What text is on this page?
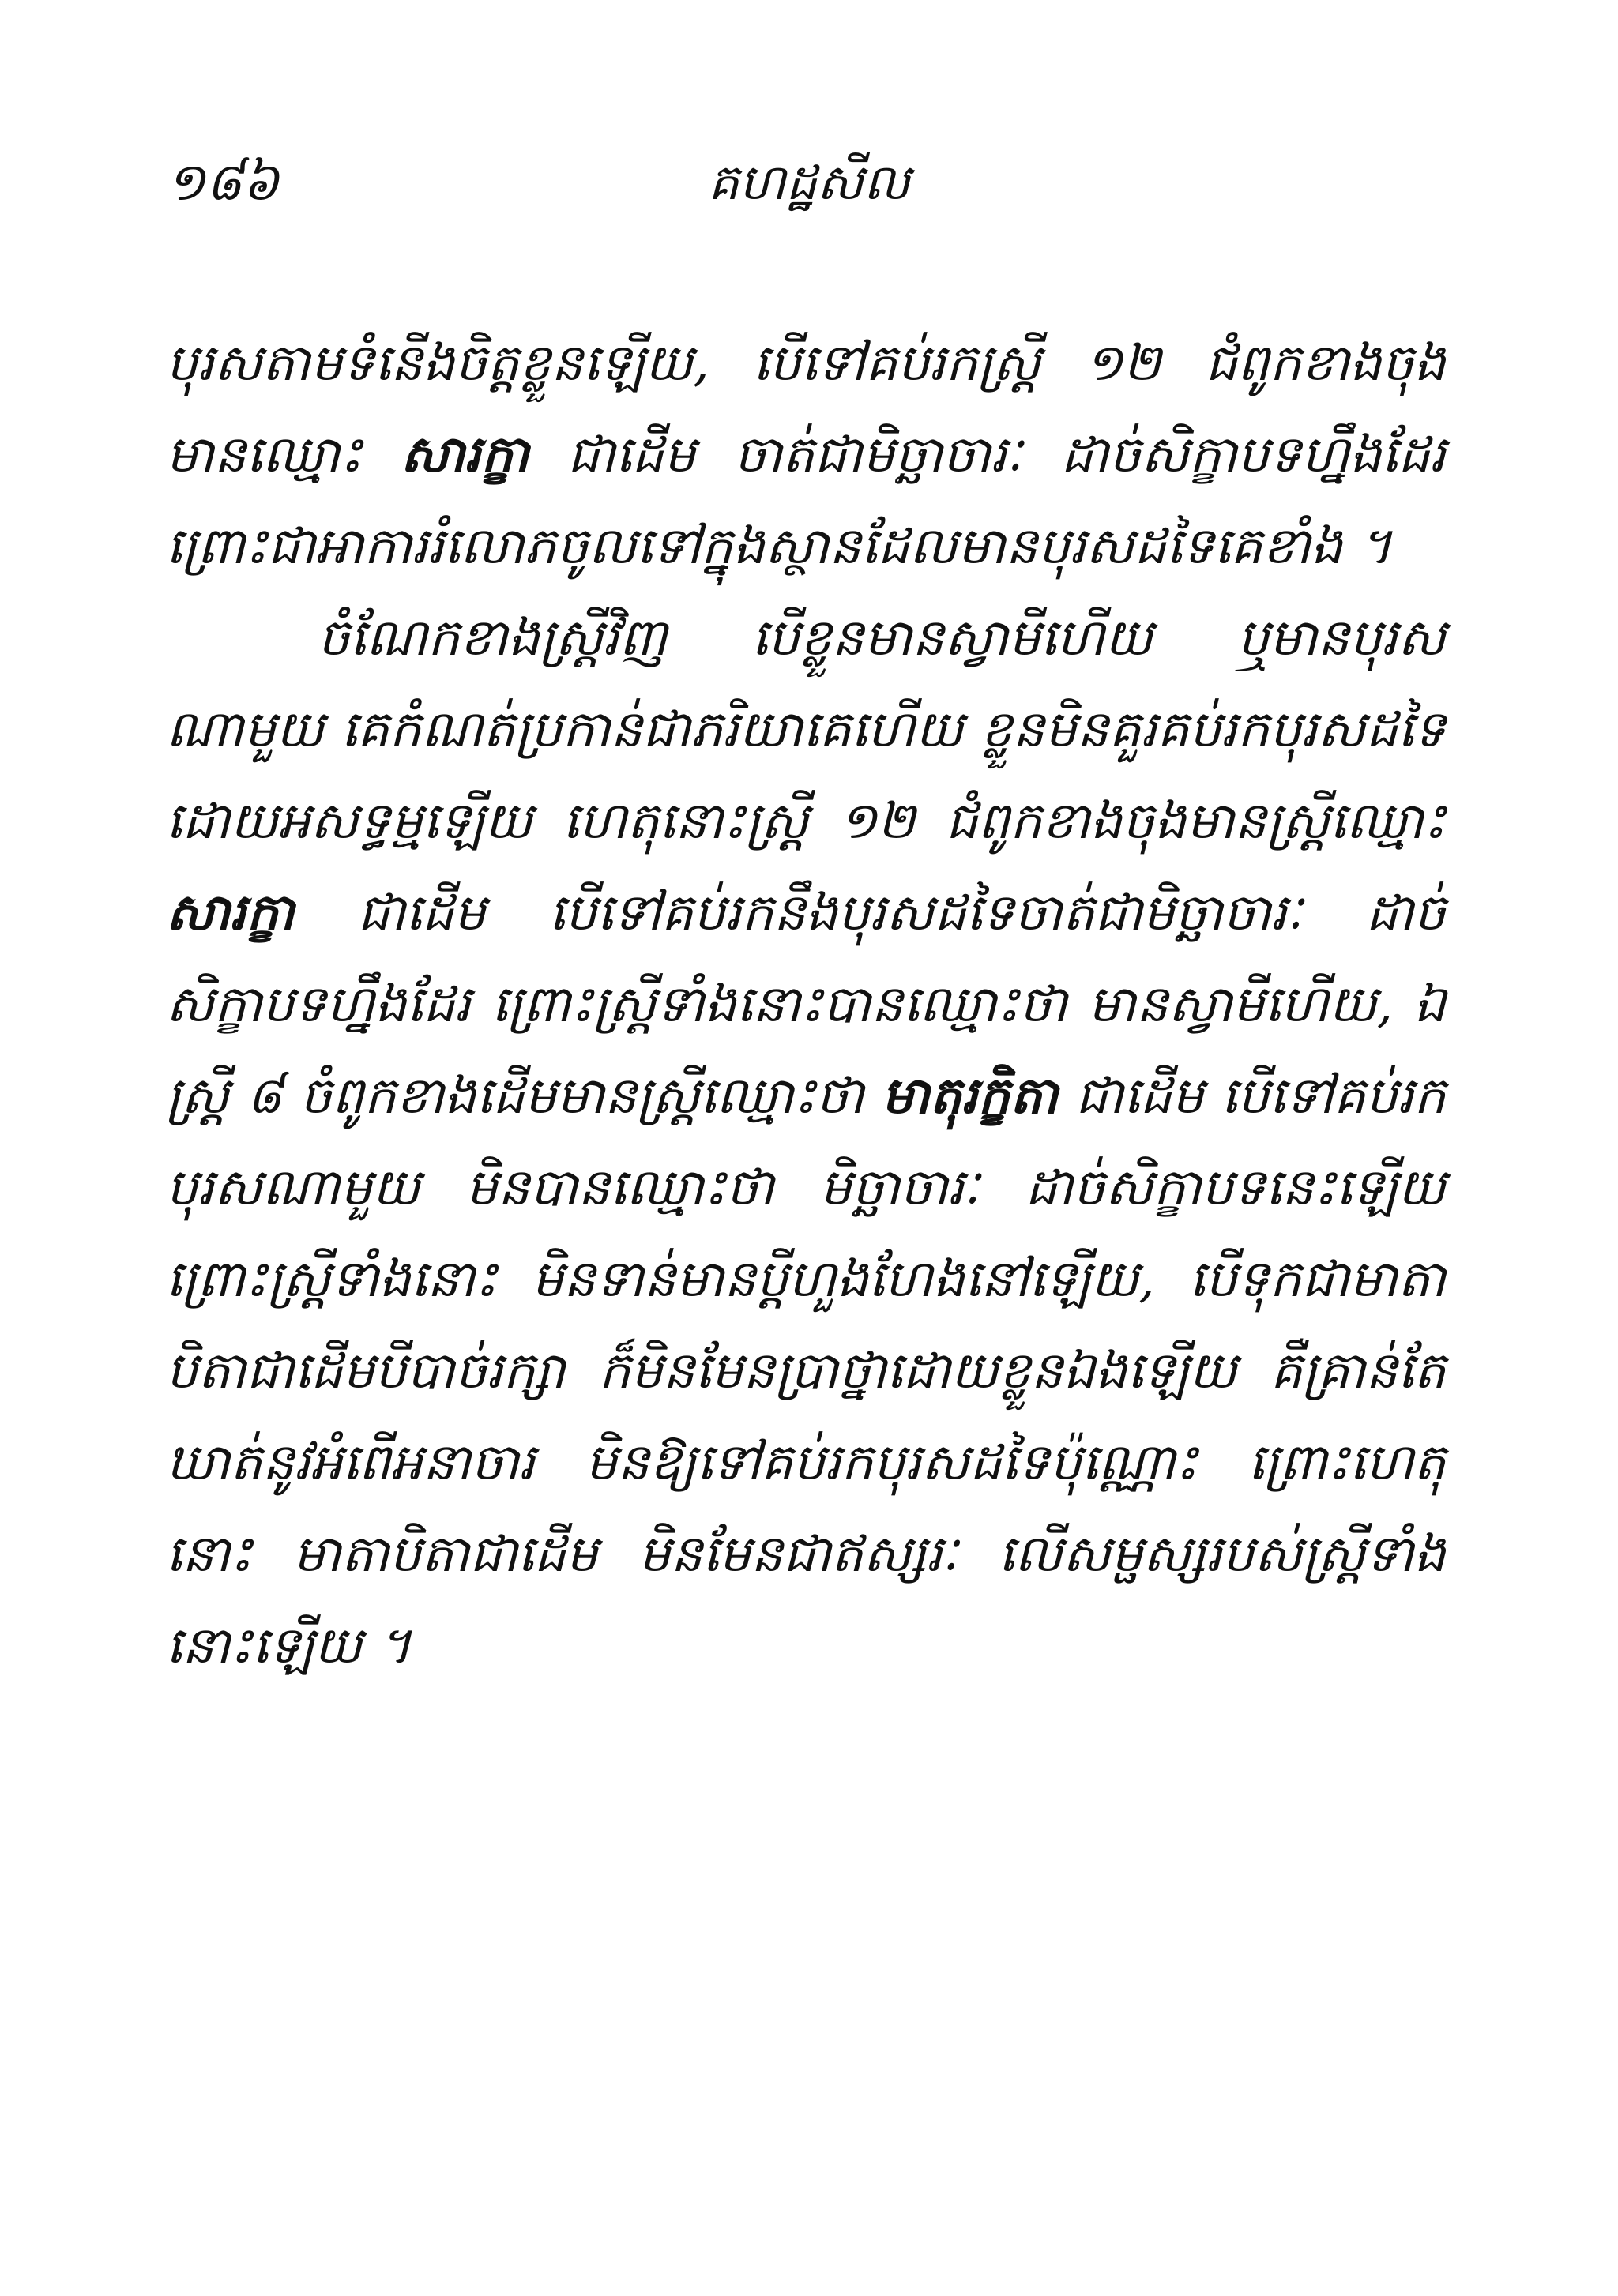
១៨៦	គហដ្ឋសីល

បុរសតាមទំនើងចិត្តខ្លួនឡើយ, បើទៅគប់រកស្ត្រី ១២ ជំពូកខាងចុង មានឈ្មោះ សារក្ខា ជាដើម ចាត់ជាមិច្ឆាចារៈ ដាច់សិក្ខាបទហ្នឹងដែរ ព្រោះជាអាការរំលោភចូលទៅក្នុងស្ថានដែលមានបុរសដទៃគេខាំង ។

ចំណែកខាងស្ត្រីវិញ បើខ្លួនមានស្វាមីហើយ ឬមានបុរសណាមួយ គេកំណត់ប្រកាន់ជាភរិយាគេហើយ ខ្លួនមិនគួរគប់រកបុរសដទៃដោយអសទ្ធម្មឡើយ ហេតុនោះស្ត្រី ១២ ជំពូកខាងចុងមានស្ត្រីឈ្មោះ សារក្ខា ជាដើម បើទៅគប់រកនឹងបុរសដទៃចាត់ជាមិច្ឆាចារៈ ដាច់សិក្ខាបទហ្នឹងដែរ ព្រោះស្ត្រីទាំងនោះបានឈ្មោះថា មានស្វាមីហើយ, ឯស្ត្រី ៨ ចំពូកខាងដើមមានស្ត្រីឈ្មោះថា មាតុរក្ខិតា ជាដើម បើទៅគប់រកបុរសណាមួយ មិនបានឈ្មោះថា មិច្ឆាចារៈ ដាច់សិក្ខាបទនេះឡើយ ព្រោះស្ត្រីទាំងនោះ មិនទាន់មានប្ដីហួងហែងនៅឡើយ, បើទុកជាមាតាបិតាជាដើមបីបាច់រក្សា ក៏មិនមែនប្រាថ្នាដោយខ្លួនឯងឡើយ គឺគ្រាន់តែឃាត់នូវអំពើអនាចារ មិនឱ្យទៅគប់រកបុរសដទៃប៉ុណ្ណោះ ព្រោះហេតុនោះ មាតាបិតាជាដើម មិនមែនជាឥស្សរៈ លើសម្ផស្សរបស់ស្ត្រីទាំងនោះឡើយ ។
